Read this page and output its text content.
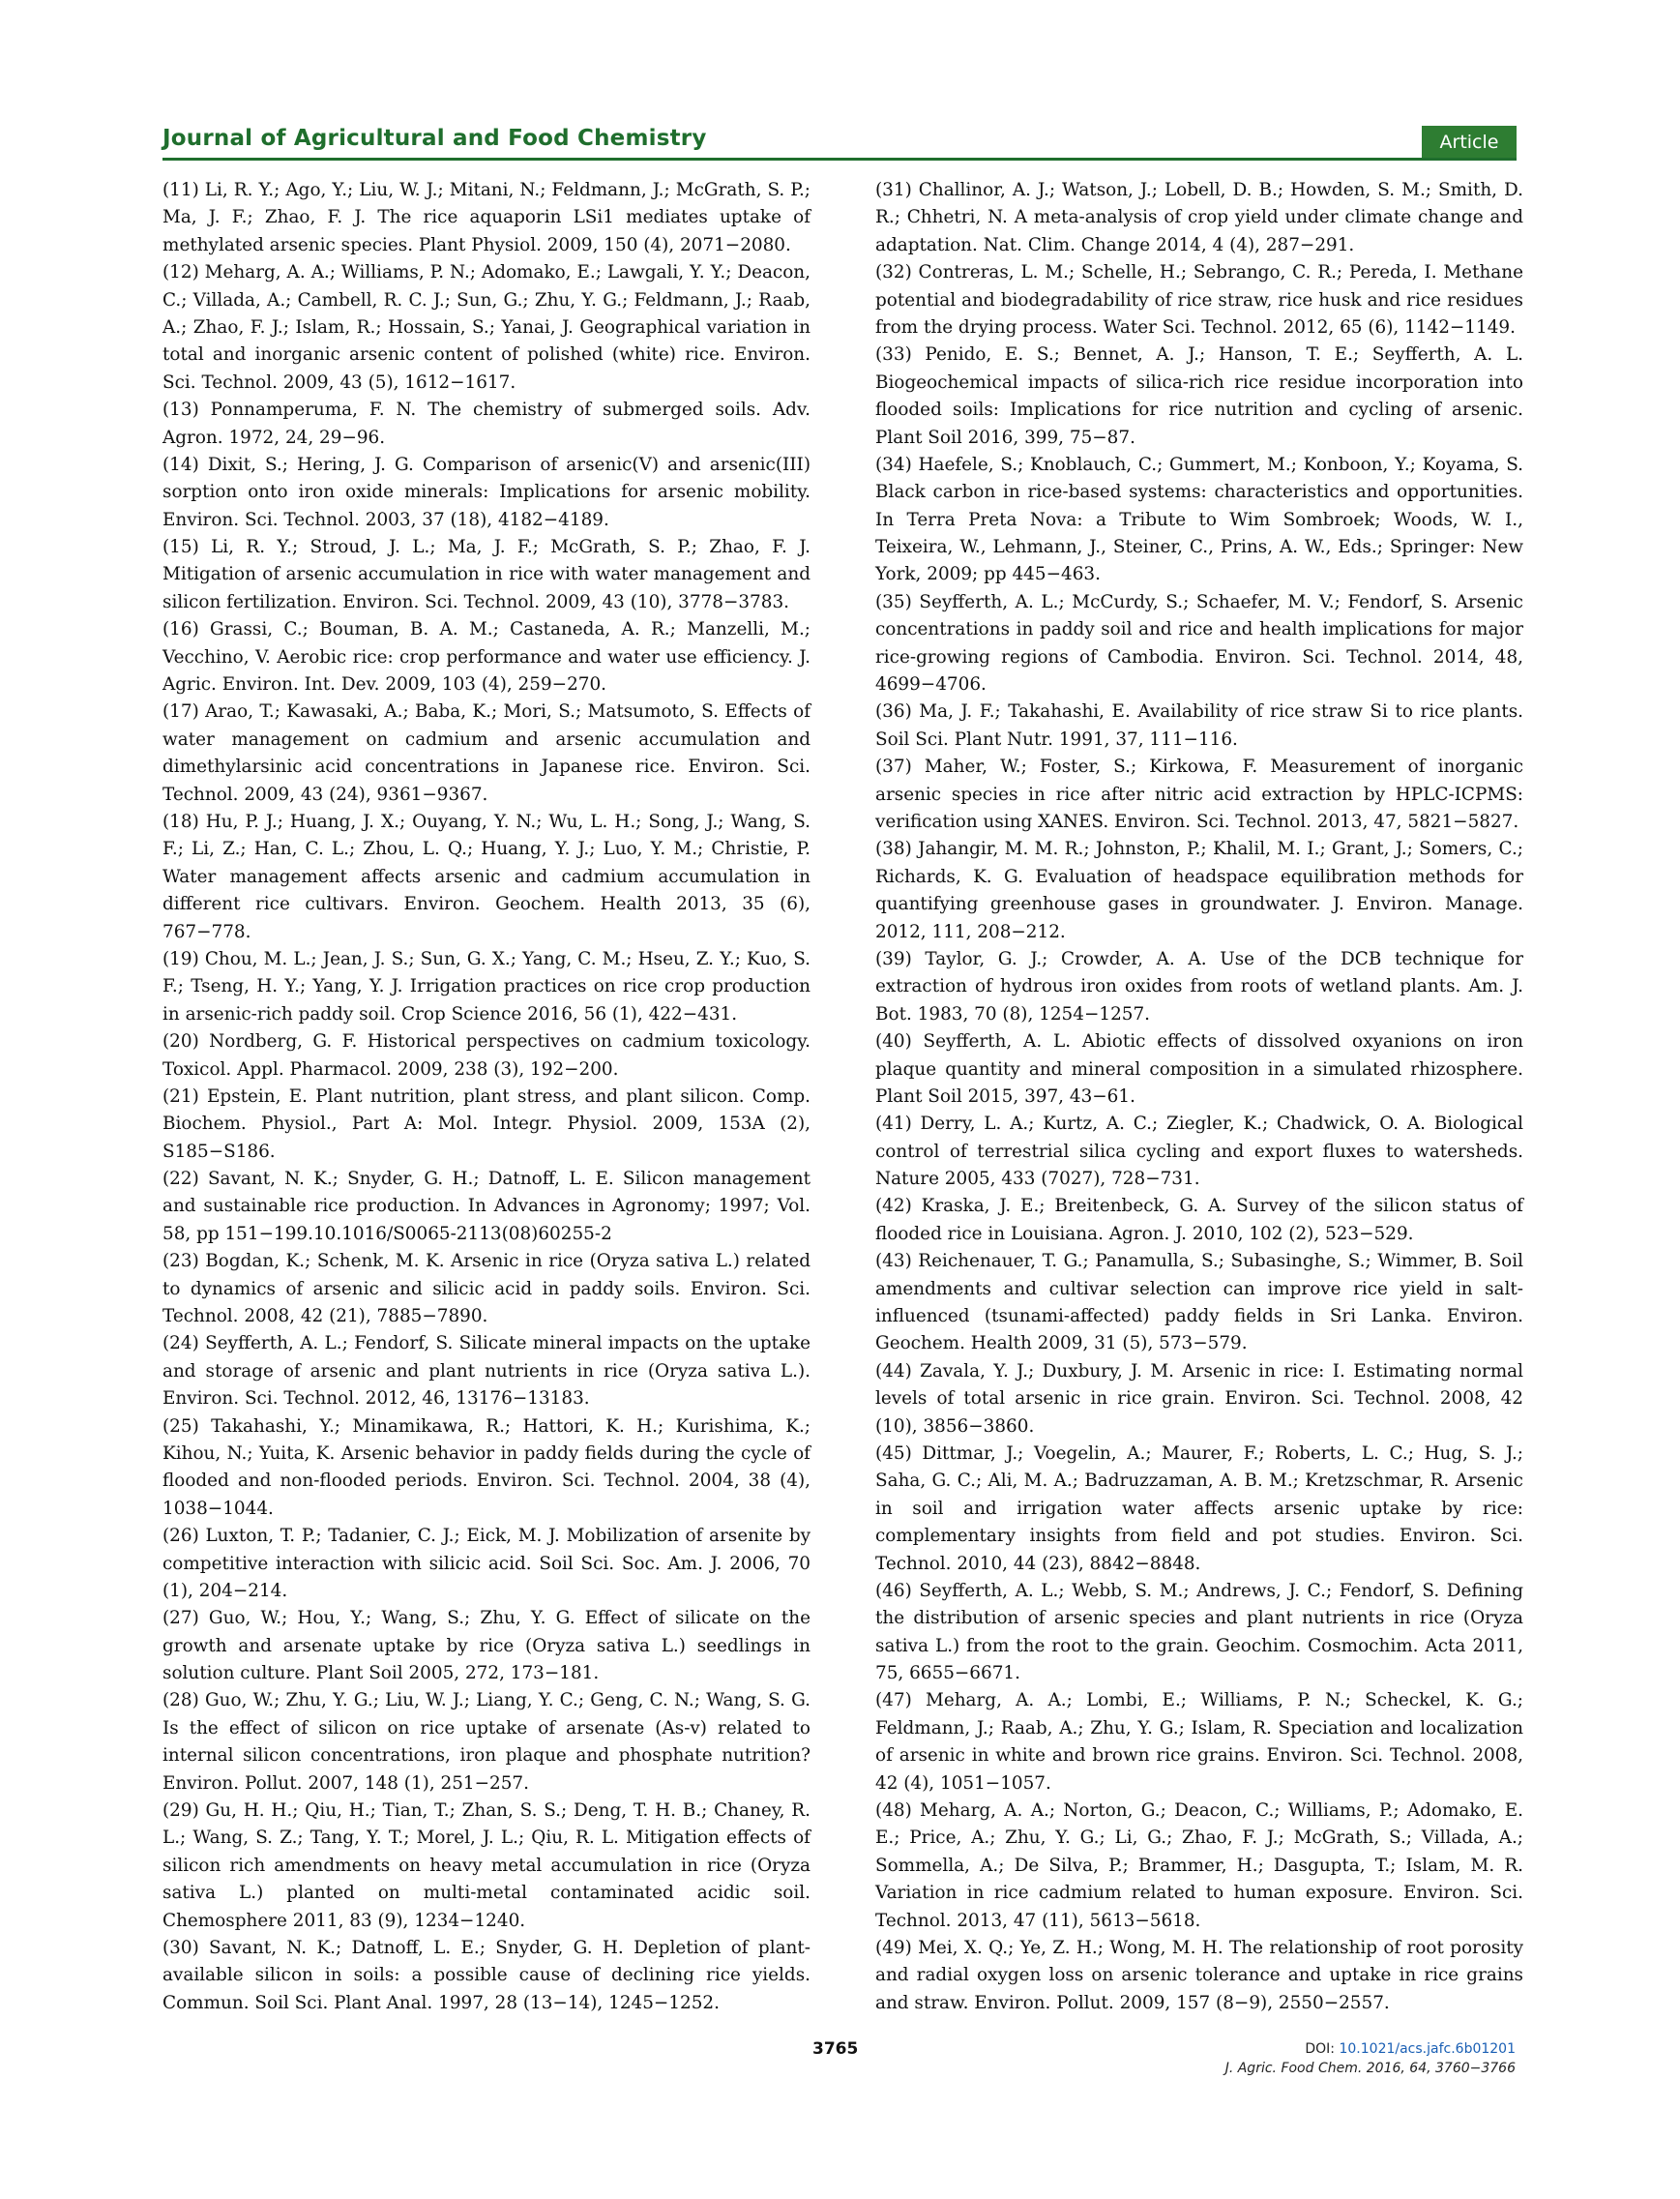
Journal of Agricultural and Food Chemistry	Article

(11) Li, R. Y.; Ago, Y.; Liu, W. J.; Mitani, N.; Feldmann, J.; McGrath, S. P.; Ma, J. F.; Zhao, F. J. The rice aquaporin LSi1 mediates uptake of methylated arsenic species. Plant Physiol. 2009, 150 (4), 2071−2080.

(12) Meharg, A. A.; Williams, P. N.; Adomako, E.; Lawgali, Y. Y.; Deacon, C.; Villada, A.; Cambell, R. C. J.; Sun, G.; Zhu, Y. G.; Feldmann, J.; Raab, A.; Zhao, F. J.; Islam, R.; Hossain, S.; Yanai, J. Geographical variation in total and inorganic arsenic content of polished (white) rice. Environ. Sci. Technol. 2009, 43 (5), 1612−1617.

(13) Ponnamperuma, F. N. The chemistry of submerged soils. Adv. Agron. 1972, 24, 29−96.

(14) Dixit, S.; Hering, J. G. Comparison of arsenic(V) and arsenic(III) sorption onto iron oxide minerals: Implications for arsenic mobility. Environ. Sci. Technol. 2003, 37 (18), 4182−4189.

(15) Li, R. Y.; Stroud, J. L.; Ma, J. F.; McGrath, S. P.; Zhao, F. J. Mitigation of arsenic accumulation in rice with water management and silicon fertilization. Environ. Sci. Technol. 2009, 43 (10), 3778−3783.

(16) Grassi, C.; Bouman, B. A. M.; Castaneda, A. R.; Manzelli, M.; Vecchino, V. Aerobic rice: crop performance and water use efficiency. J. Agric. Environ. Int. Dev. 2009, 103 (4), 259−270.

(17) Arao, T.; Kawasaki, A.; Baba, K.; Mori, S.; Matsumoto, S. Effects of water management on cadmium and arsenic accumulation and dimethylarsinic acid concentrations in Japanese rice. Environ. Sci. Technol. 2009, 43 (24), 9361−9367.

(18) Hu, P. J.; Huang, J. X.; Ouyang, Y. N.; Wu, L. H.; Song, J.; Wang, S. F.; Li, Z.; Han, C. L.; Zhou, L. Q.; Huang, Y. J.; Luo, Y. M.; Christie, P. Water management affects arsenic and cadmium accumulation in different rice cultivars. Environ. Geochem. Health 2013, 35 (6), 767−778.

(19) Chou, M. L.; Jean, J. S.; Sun, G. X.; Yang, C. M.; Hseu, Z. Y.; Kuo, S. F.; Tseng, H. Y.; Yang, Y. J. Irrigation practices on rice crop production in arsenic-rich paddy soil. Crop Science 2016, 56 (1), 422−431.

(20) Nordberg, G. F. Historical perspectives on cadmium toxicology. Toxicol. Appl. Pharmacol. 2009, 238 (3), 192−200.

(21) Epstein, E. Plant nutrition, plant stress, and plant silicon. Comp. Biochem. Physiol., Part A: Mol. Integr. Physiol. 2009, 153A (2), S185−S186.

(22) Savant, N. K.; Snyder, G. H.; Datnoff, L. E. Silicon management and sustainable rice production. In Advances in Agronomy; 1997; Vol. 58, pp 151−199.10.1016/S0065-2113(08)60255-2

(23) Bogdan, K.; Schenk, M. K. Arsenic in rice (Oryza sativa L.) related to dynamics of arsenic and silicic acid in paddy soils. Environ. Sci. Technol. 2008, 42 (21), 7885−7890.

(24) Seyfferth, A. L.; Fendorf, S. Silicate mineral impacts on the uptake and storage of arsenic and plant nutrients in rice (Oryza sativa L.). Environ. Sci. Technol. 2012, 46, 13176−13183.

(25) Takahashi, Y.; Minamikawa, R.; Hattori, K. H.; Kurishima, K.; Kihou, N.; Yuita, K. Arsenic behavior in paddy fields during the cycle of flooded and non-flooded periods. Environ. Sci. Technol. 2004, 38 (4), 1038−1044.

(26) Luxton, T. P.; Tadanier, C. J.; Eick, M. J. Mobilization of arsenite by competitive interaction with silicic acid. Soil Sci. Soc. Am. J. 2006, 70 (1), 204−214.

(27) Guo, W.; Hou, Y.; Wang, S.; Zhu, Y. G. Effect of silicate on the growth and arsenate uptake by rice (Oryza sativa L.) seedlings in solution culture. Plant Soil 2005, 272, 173−181.

(28) Guo, W.; Zhu, Y. G.; Liu, W. J.; Liang, Y. C.; Geng, C. N.; Wang, S. G. Is the effect of silicon on rice uptake of arsenate (As-v) related to internal silicon concentrations, iron plaque and phosphate nutrition? Environ. Pollut. 2007, 148 (1), 251−257.

(29) Gu, H. H.; Qiu, H.; Tian, T.; Zhan, S. S.; Deng, T. H. B.; Chaney, R. L.; Wang, S. Z.; Tang, Y. T.; Morel, J. L.; Qiu, R. L. Mitigation effects of silicon rich amendments on heavy metal accumulation in rice (Oryza sativa L.) planted on multi-metal contaminated acidic soil. Chemosphere 2011, 83 (9), 1234−1240.

(30) Savant, N. K.; Datnoff, L. E.; Snyder, G. H. Depletion of plant-available silicon in soils: a possible cause of declining rice yields. Commun. Soil Sci. Plant Anal. 1997, 28 (13−14), 1245−1252.

(31) Challinor, A. J.; Watson, J.; Lobell, D. B.; Howden, S. M.; Smith, D. R.; Chhetri, N. A meta-analysis of crop yield under climate change and adaptation. Nat. Clim. Change 2014, 4 (4), 287−291.

(32) Contreras, L. M.; Schelle, H.; Sebrango, C. R.; Pereda, I. Methane potential and biodegradability of rice straw, rice husk and rice residues from the drying process. Water Sci. Technol. 2012, 65 (6), 1142−1149.

(33) Penido, E. S.; Bennet, A. J.; Hanson, T. E.; Seyfferth, A. L. Biogeochemical impacts of silica-rich rice residue incorporation into flooded soils: Implications for rice nutrition and cycling of arsenic. Plant Soil 2016, 399, 75−87.

(34) Haefele, S.; Knoblauch, C.; Gummert, M.; Konboon, Y.; Koyama, S. Black carbon in rice-based systems: characteristics and opportunities. In Terra Preta Nova: a Tribute to Wim Sombroek; Woods, W. I., Teixeira, W., Lehmann, J., Steiner, C., Prins, A. W., Eds.; Springer: New York, 2009; pp 445−463.

(35) Seyfferth, A. L.; McCurdy, S.; Schaefer, M. V.; Fendorf, S. Arsenic concentrations in paddy soil and rice and health implications for major rice-growing regions of Cambodia. Environ. Sci. Technol. 2014, 48, 4699−4706.

(36) Ma, J. F.; Takahashi, E. Availability of rice straw Si to rice plants. Soil Sci. Plant Nutr. 1991, 37, 111−116.

(37) Maher, W.; Foster, S.; Kirkowa, F. Measurement of inorganic arsenic species in rice after nitric acid extraction by HPLC-ICPMS: verification using XANES. Environ. Sci. Technol. 2013, 47, 5821−5827.

(38) Jahangir, M. M. R.; Johnston, P.; Khalil, M. I.; Grant, J.; Somers, C.; Richards, K. G. Evaluation of headspace equilibration methods for quantifying greenhouse gases in groundwater. J. Environ. Manage. 2012, 111, 208−212.

(39) Taylor, G. J.; Crowder, A. A. Use of the DCB technique for extraction of hydrous iron oxides from roots of wetland plants. Am. J. Bot. 1983, 70 (8), 1254−1257.

(40) Seyfferth, A. L. Abiotic effects of dissolved oxyanions on iron plaque quantity and mineral composition in a simulated rhizosphere. Plant Soil 2015, 397, 43−61.

(41) Derry, L. A.; Kurtz, A. C.; Ziegler, K.; Chadwick, O. A. Biological control of terrestrial silica cycling and export fluxes to watersheds. Nature 2005, 433 (7027), 728−731.

(42) Kraska, J. E.; Breitenbeck, G. A. Survey of the silicon status of flooded rice in Louisiana. Agron. J. 2010, 102 (2), 523−529.

(43) Reichenauer, T. G.; Panamulla, S.; Subasinghe, S.; Wimmer, B. Soil amendments and cultivar selection can improve rice yield in salt-influenced (tsunami-affected) paddy fields in Sri Lanka. Environ. Geochem. Health 2009, 31 (5), 573−579.

(44) Zavala, Y. J.; Duxbury, J. M. Arsenic in rice: I. Estimating normal levels of total arsenic in rice grain. Environ. Sci. Technol. 2008, 42 (10), 3856−3860.

(45) Dittmar, J.; Voegelin, A.; Maurer, F.; Roberts, L. C.; Hug, S. J.; Saha, G. C.; Ali, M. A.; Badruzzaman, A. B. M.; Kretzschmar, R. Arsenic in soil and irrigation water affects arsenic uptake by rice: complementary insights from field and pot studies. Environ. Sci. Technol. 2010, 44 (23), 8842−8848.

(46) Seyfferth, A. L.; Webb, S. M.; Andrews, J. C.; Fendorf, S. Defining the distribution of arsenic species and plant nutrients in rice (Oryza sativa L.) from the root to the grain. Geochim. Cosmochim. Acta 2011, 75, 6655−6671.

(47) Meharg, A. A.; Lombi, E.; Williams, P. N.; Scheckel, K. G.; Feldmann, J.; Raab, A.; Zhu, Y. G.; Islam, R. Speciation and localization of arsenic in white and brown rice grains. Environ. Sci. Technol. 2008, 42 (4), 1051−1057.

(48) Meharg, A. A.; Norton, G.; Deacon, C.; Williams, P.; Adomako, E. E.; Price, A.; Zhu, Y. G.; Li, G.; Zhao, F. J.; McGrath, S.; Villada, A.; Sommella, A.; De Silva, P.; Brammer, H.; Dasgupta, T.; Islam, M. R. Variation in rice cadmium related to human exposure. Environ. Sci. Technol. 2013, 47 (11), 5613−5618.

(49) Mei, X. Q.; Ye, Z. H.; Wong, M. H. The relationship of root porosity and radial oxygen loss on arsenic tolerance and uptake in rice grains and straw. Environ. Pollut. 2009, 157 (8−9), 2550−2557.

3765	DOI: 10.1021/acs.jafc.6b01201
J. Agric. Food Chem. 2016, 64, 3760−3766
